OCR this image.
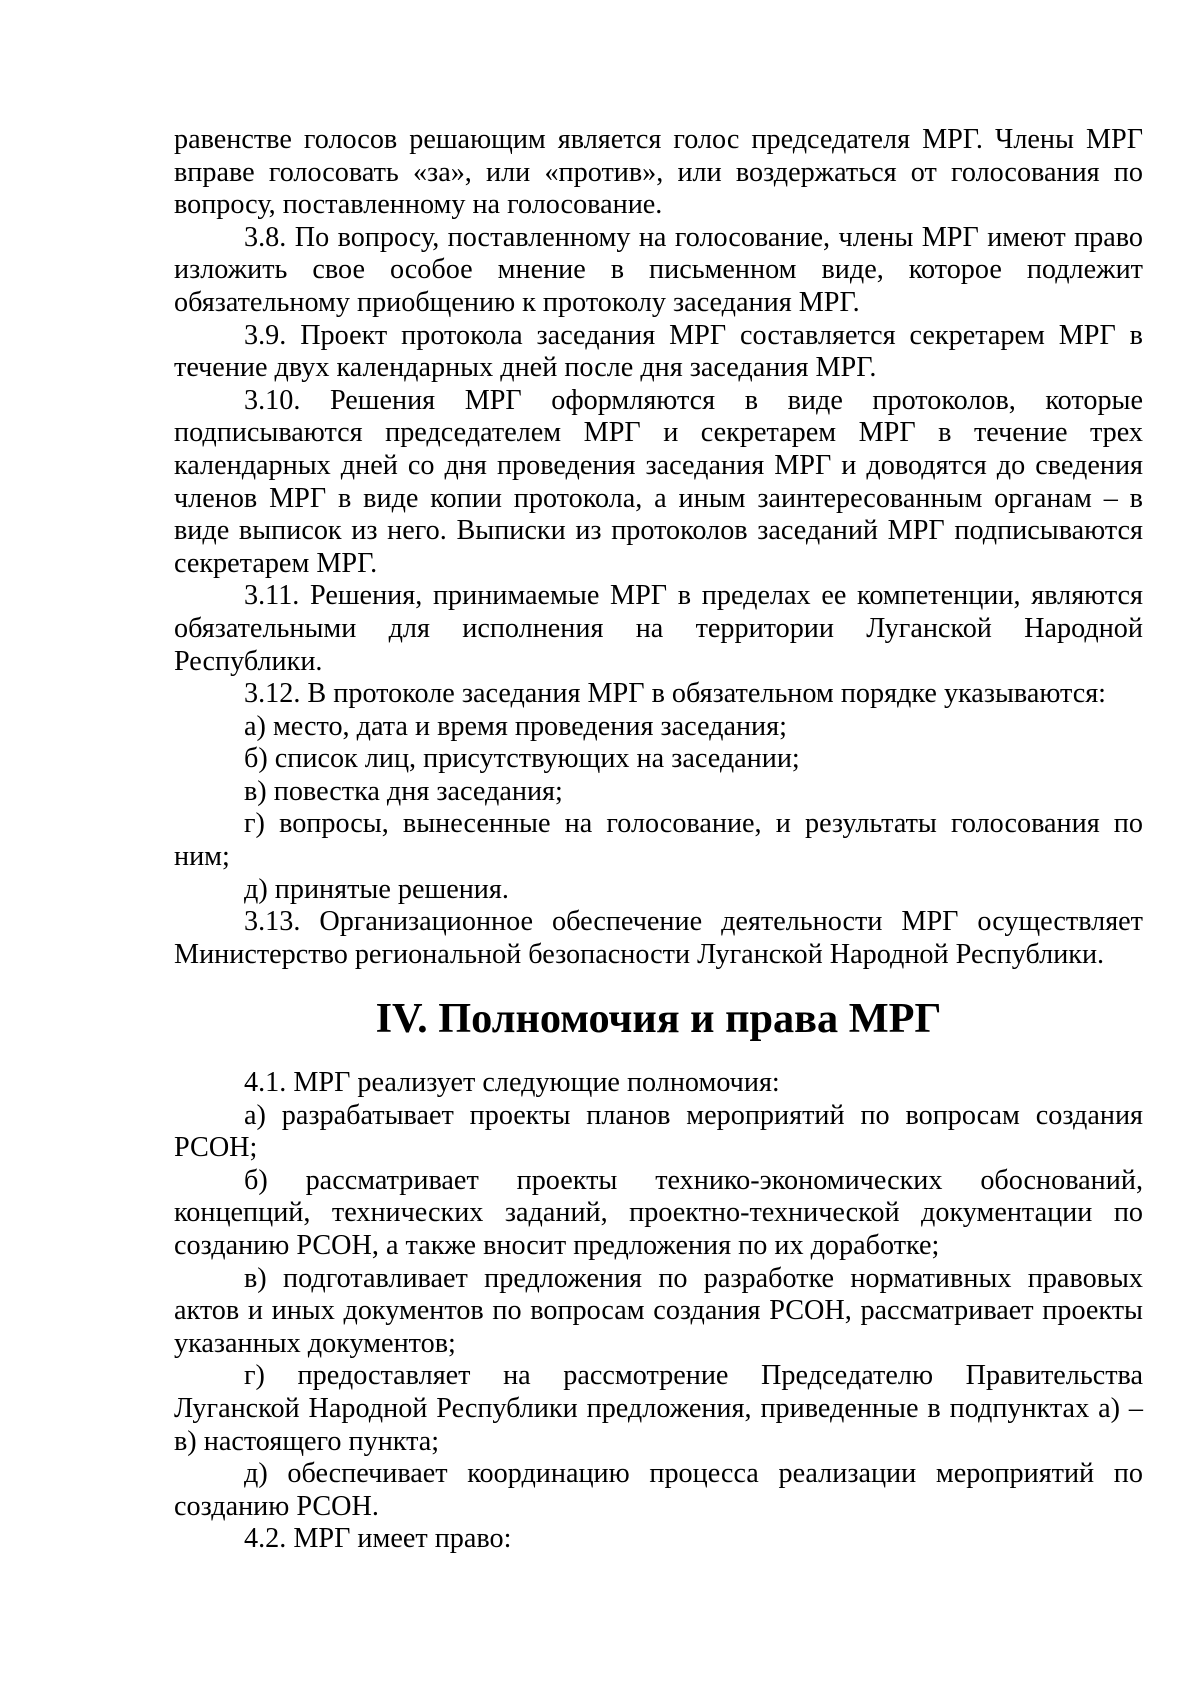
равенстве голосов решающим является голос председателя МРГ. Члены МРГ вправе голосовать «за», или «против», или воздержаться от голосования по вопросу, поставленному на голосование.

3.8. По вопросу, поставленному на голосование, члены МРГ имеют право изложить свое особое мнение в письменном виде, которое подлежит обязательному приобщению к протоколу заседания МРГ.

3.9. Проект протокола заседания МРГ составляется секретарем МРГ в течение двух календарных дней после дня заседания МРГ.

3.10. Решения МРГ оформляются в виде протоколов, которые подписываются председателем МРГ и секретарем МРГ в течение трех календарных дней со дня проведения заседания МРГ и доводятся до сведения членов МРГ в виде копии протокола, а иным заинтересованным органам – в виде выписок из него. Выписки из протоколов заседаний МРГ подписываются секретарем МРГ.

3.11. Решения, принимаемые МРГ в пределах ее компетенции, являются обязательными для исполнения на территории Луганской Народной Республики.

3.12. В протоколе заседания МРГ в обязательном порядке указываются:

а) место, дата и время проведения заседания;

б) список лиц, присутствующих на заседании;

в) повестка дня заседания;

г) вопросы, вынесенные на голосование, и результаты голосования по ним;

д) принятые решения.

3.13. Организационное обеспечение деятельности МРГ осуществляет Министерство региональной безопасности Луганской Народной Республики.

IV. Полномочия и права МРГ

4.1. МРГ реализует следующие полномочия:

а) разрабатывает проекты планов мероприятий по вопросам создания РСОН;

б) рассматривает проекты технико-экономических обоснований, концепций, технических заданий, проектно-технической документации по созданию РСОН, а также вносит предложения по их доработке;

в) подготавливает предложения по разработке нормативных правовых актов и иных документов по вопросам создания РСОН, рассматривает проекты указанных документов;

г) предоставляет на рассмотрение Председателю Правительства Луганской Народной Республики предложения, приведенные в подпунктах а) – в) настоящего пункта;

д) обеспечивает координацию процесса реализации мероприятий по созданию РСОН.

4.2. МРГ имеет право:
